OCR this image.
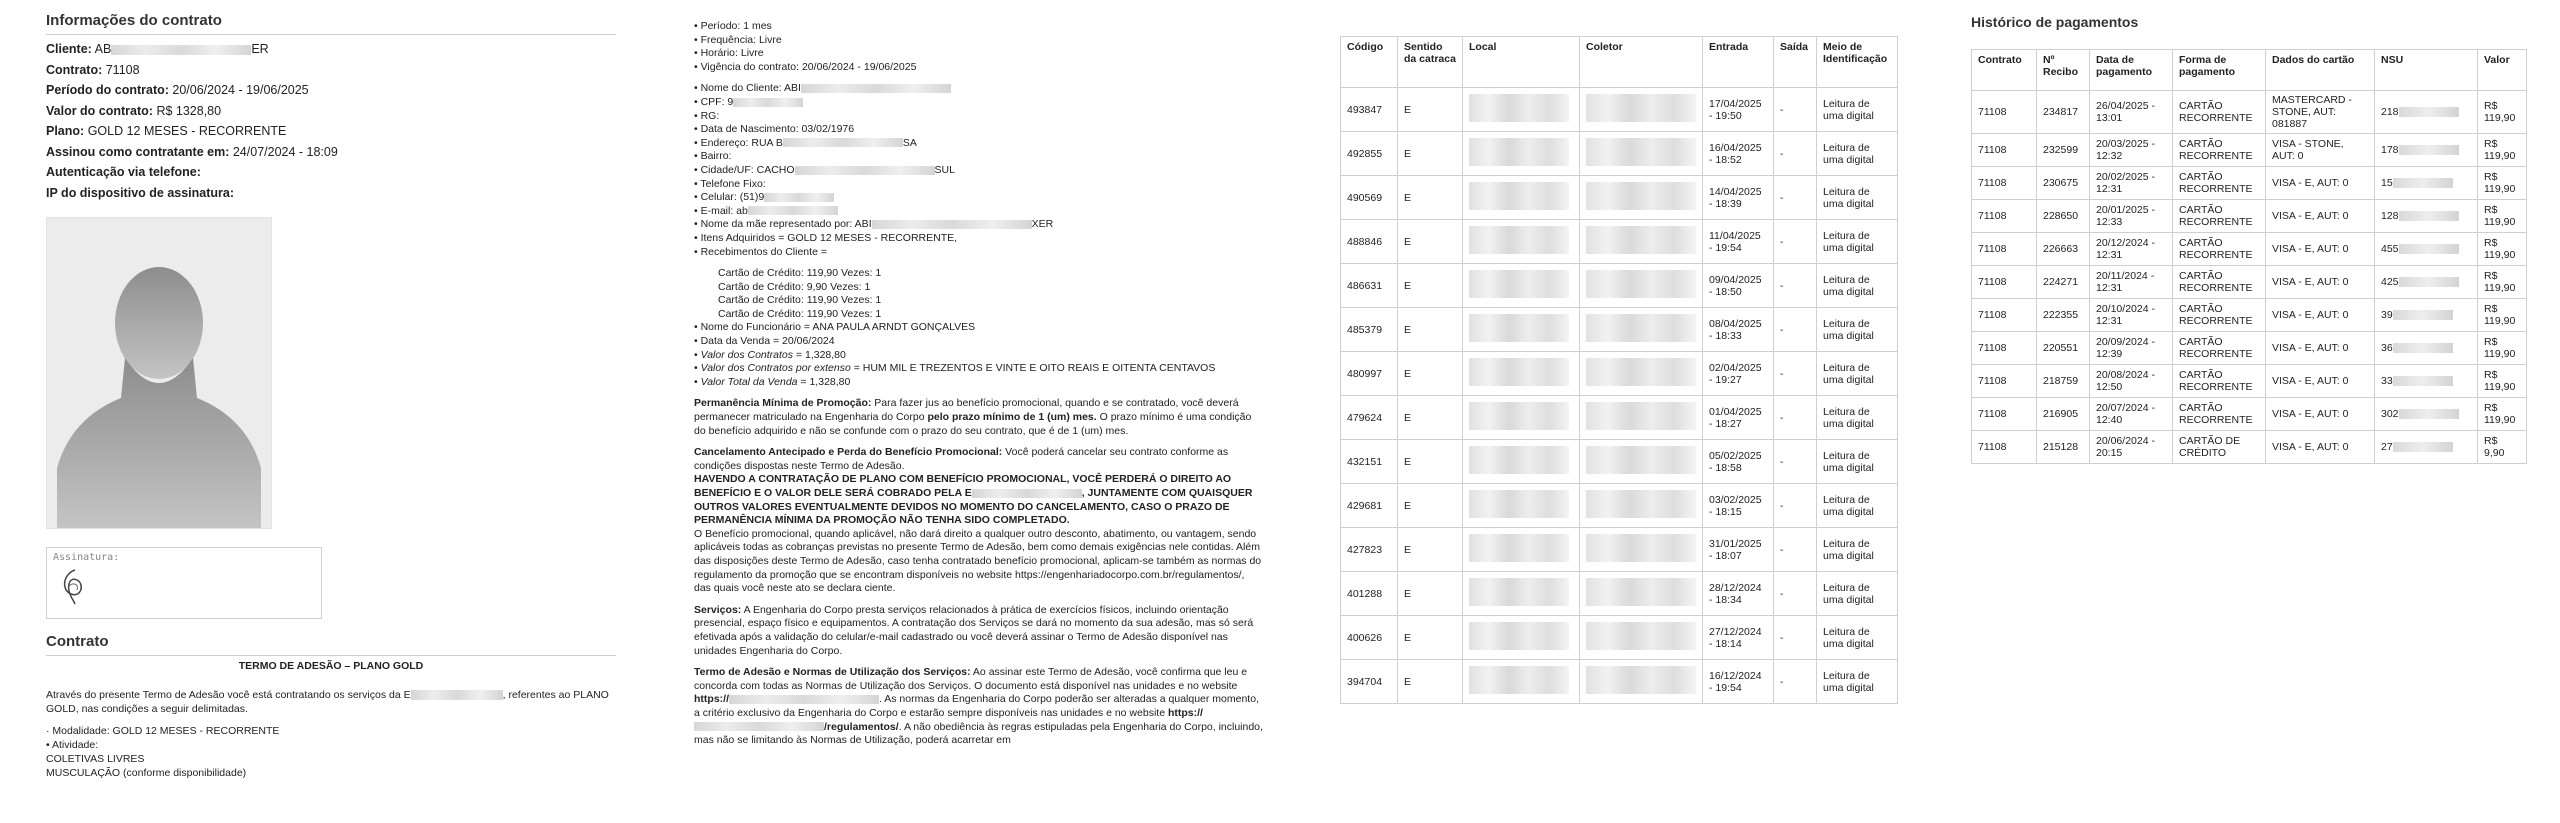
Informações do contrato
Cliente: AB	ER
Contrato: 71108
Período do contrato: 20/06/2024 - 19/06/2025
Valor do contrato: R$ 1328,80
Plano: GOLD 12 MESES - RECORRENTE
Assinou como contratante em: 24/07/2024 - 18:09
Autenticação via telefone:
IP do dispositivo de assinatura:
Assinatura:
Contrato
TERMO DE ADESÃO – PLANO GOLD
Através do presente Termo de Adesão você está contratando os serviços da E	, referentes ao PLANO GOLD, nas condições a seguir delimitadas.
· Modalidade: GOLD 12 MESES - RECORRENTE
• Atividade:
COLETIVAS LIVRES
MUSCULAÇÃO (conforme disponibilidade)
• Período: 1 mes
• Frequência: Livre
• Horário: Livre
• Vigência do contrato: 20/06/2024 - 19/06/2025
• Nome do Cliente: ABI
• CPF: 9
• RG:
• Data de Nascimento: 03/02/1976
• Endereço: RUA B	SA
• Bairro:
• Cidade/UF: CACHO	SUL
• Telefone Fixo:
• Celular: (51)9
• E-mail: ab
• Nome da mãe representado por: ABI	XER
• Itens Adquiridos = GOLD 12 MESES - RECORRENTE,
• Recebimentos do Cliente =
Cartão de Crédito: 119,90 Vezes: 1
Cartão de Crédito: 9,90 Vezes: 1
Cartão de Crédito: 119,90 Vezes: 1
Cartão de Crédito: 119,90 Vezes: 1
• Nome do Funcionário = ANA PAULA ARNDT GONÇALVES
• Data da Venda = 20/06/2024
• Valor dos Contratos = 1,328,80
• Valor dos Contratos por extenso = HUM MIL E TREZENTOS E VINTE E OITO REAIS E OITENTA CENTAVOS
• Valor Total da Venda = 1,328,80
Permanência Mínima de Promoção: Para fazer jus ao benefício promocional, quando e se contratado, você deverá permanecer matriculado na Engenharia do Corpo pelo prazo mínimo de 1 (um) mes. O prazo mínimo é uma condição do benefício adquirido e não se confunde com o prazo do seu contrato, que é de 1 (um) mes.
Cancelamento Antecipado e Perda do Benefício Promocional: Você poderá cancelar seu contrato conforme as condições dispostas neste Termo de Adesão.
HAVENDO A CONTRATAÇÃO DE PLANO COM BENEFÍCIO PROMOCIONAL, VOCÊ PERDERÁ O DIREITO AO BENEFÍCIO E O VALOR DELE SERÁ COBRADO PELA E	, JUNTAMENTE COM QUAISQUER OUTROS VALORES EVENTUALMENTE DEVIDOS NO MOMENTO DO CANCELAMENTO, CASO O PRAZO DE PERMANÊNCIA MÍNIMA DA PROMOÇÃO NÃO TENHA SIDO COMPLETADO.
O Benefício promocional, quando aplicável, não dará direito a qualquer outro desconto, abatimento, ou vantagem, sendo aplicáveis todas as cobranças previstas no presente Termo de Adesão, bem como demais exigências nele contidas. Além das disposições deste Termo de Adesão, caso tenha contratado benefício promocional, aplicam-se também as normas do regulamento da promoção que se encontram disponíveis no website https://engenhariadocorpo.com.br/regulamentos/, das quais você neste ato se declara ciente.
Serviços: A Engenharia do Corpo presta serviços relacionados à prática de exercícios físicos, incluindo orientação presencial, espaço físico e equipamentos. A contratação dos Serviços se dará no momento da sua adesão, mas só será efetivada após a validação do celular/e-mail cadastrado ou você deverá assinar o Termo de Adesão disponível nas unidades Engenharia do Corpo.
Termo de Adesão e Normas de Utilização dos Serviços: Ao assinar este Termo de Adesão, você confirma que leu e concorda com todas as Normas de Utilização dos Serviços. O documento está disponível nas unidades e no website https://	. As normas da Engenharia do Corpo poderão ser alteradas a qualquer momento, a critério exclusivo da Engenharia do Corpo e estarão sempre disponíveis nas unidades e no website https:///regulamentos/. A não obediência às regras estipuladas pela Engenharia do Corpo, incluindo, mas não se limitando às Normas de Utilização, poderá acarretar em
Código	Sentido da catraca	Local	Coletor	Entrada	Saída	Meio de Identificação
493847	E			17/04/2025 - 19:50	-	Leitura de uma digital
492855	E			16/04/2025 - 18:52	-	Leitura de uma digital
490569	E			14/04/2025 - 18:39	-	Leitura de uma digital
488846	E			11/04/2025 - 19:54	-	Leitura de uma digital
486631	E			09/04/2025 - 18:50	-	Leitura de uma digital
485379	E			08/04/2025 - 18:33	-	Leitura de uma digital
480997	E			02/04/2025 - 19:27	-	Leitura de uma digital
479624	E			01/04/2025 - 18:27	-	Leitura de uma digital
432151	E			05/02/2025 - 18:58	-	Leitura de uma digital
429681	E			03/02/2025 - 18:15	-	Leitura de uma digital
427823	E			31/01/2025 - 18:07	-	Leitura de uma digital
401288	E			28/12/2024 - 18:34	-	Leitura de uma digital
400626	E			27/12/2024 - 18:14	-	Leitura de uma digital
394704	E			16/12/2024 - 19:54	-	Leitura de uma digital
Histórico de pagamentos
Contrato	Nº Recibo	Data de pagamento	Forma de pagamento	Dados do cartão	NSU	Valor
71108	234817	26/04/2025 - 13:01	CARTÃO RECORRENTE	MASTERCARD - STONE, AUT: 081887	218	R$ 119,90
71108	232599	20/03/2025 - 12:32	CARTÃO RECORRENTE	VISA - STONE, AUT: 0	178	R$ 119,90
71108	230675	20/02/2025 - 12:31	CARTÃO RECORRENTE	VISA - E, AUT: 0	15	R$ 119,90
71108	228650	20/01/2025 - 12:33	CARTÃO RECORRENTE	VISA - E, AUT: 0	128	R$ 119,90
71108	226663	20/12/2024 - 12:31	CARTÃO RECORRENTE	VISA - E, AUT: 0	455	R$ 119,90
71108	224271	20/11/2024 - 12:31	CARTÃO RECORRENTE	VISA - E, AUT: 0	425	R$ 119,90
71108	222355	20/10/2024 - 12:31	CARTÃO RECORRENTE	VISA - E, AUT: 0	39	R$ 119,90
71108	220551	20/09/2024 - 12:39	CARTÃO RECORRENTE	VISA - E, AUT: 0	36	R$ 119,90
71108	218759	20/08/2024 - 12:50	CARTÃO RECORRENTE	VISA - E, AUT: 0	33	R$ 119,90
71108	216905	20/07/2024 - 12:40	CARTÃO RECORRENTE	VISA - E, AUT: 0	302	R$ 119,90
71108	215128	20/06/2024 - 20:15	CARTÃO DE CRÉDITO	VISA - E, AUT: 0	27	R$ 9,90
